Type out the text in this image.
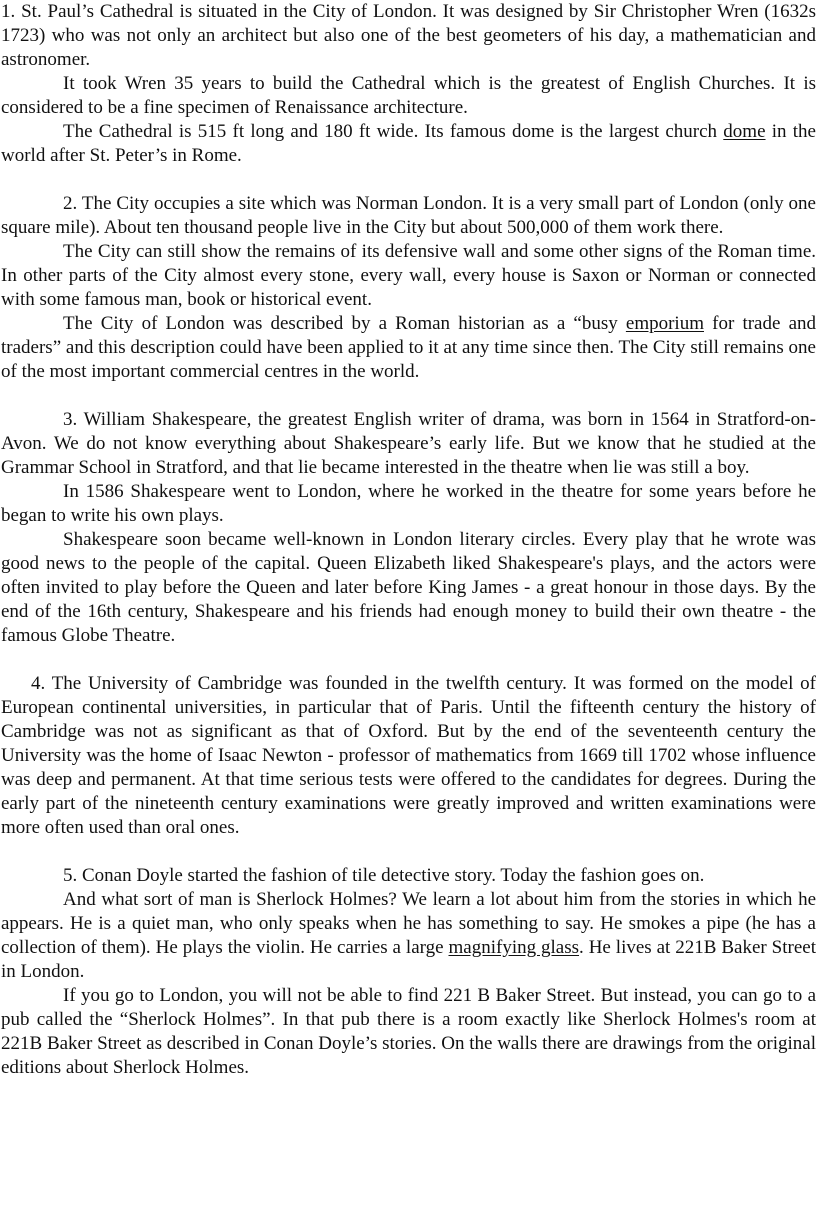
1. St. Paul’s Cathedral is situated in the City of London. It was designed by Sir Christopher Wren (1632s 1723) who was not only an architect but also one of the best geometers of his day, a mathematician and astronomer.

It took Wren 35 years to build the Cathedral which is the greatest of English Churches. It is considered to be a fine specimen of Renaissance architecture.

The Cathedral is 515 ft long and 180 ft wide. Its famous dome is the largest church dome in the world after St. Peter’s in Rome.

2. The City occupies a site which was Norman London. It is a very small part of London (only one square mile). About ten thousand people live in the City but about 500,000 of them work there.

The City can still show the remains of its defensive wall and some other signs of the Roman time. In other parts of the City almost every stone, every wall, every house is Saxon or Norman or connected with some famous man, book or historical event.

The City of London was described by a Roman historian as a “busy emporium for trade and traders” and this description could have been applied to it at any time since then. The City still remains one of the most important commercial centres in the world.

3. William Shakespeare, the greatest English writer of drama, was born in 1564 in Stratford-on-Avon. We do not know everything about Shakespeare’s early life. But we know that he studied at the Grammar School in Stratford, and that lie became interested in the theatre when lie was still a boy.

In 1586 Shakespeare went to London, where he worked in the theatre for some years before he began to write his own plays.

Shakespeare soon became well-known in London literary circles. Every play that he wrote was good news to the people of the capital. Queen Elizabeth liked Shakespeare's plays, and the actors were often invited to play before the Queen and later before King James - a great honour in those days. By the end of the 16th century, Shakespeare and his friends had enough money to build their own theatre - the famous Globe Theatre.

4. The University of Cambridge was founded in the twelfth century. It was formed on the model of European continental universities, in particular that of Paris. Until the fifteenth century the history of Cambridge was not as significant as that of Oxford. But by the end of the seventeenth century the University was the home of Isaac Newton - professor of mathematics from 1669 till 1702 whose influence was deep and permanent. At that time serious tests were offered to the candidates for degrees. During the early part of the nineteenth century examinations were greatly improved and written examinations were more often used than oral ones.

5. Conan Doyle started the fashion of tile detective story. Today the fashion goes on.

And what sort of man is Sherlock Holmes? We learn a lot about him from the stories in which he appears. He is a quiet man, who only speaks when he has something to say. He smokes a pipe (he has a collection of them). He plays the violin. He carries a large magnifying glass. He lives at 221B Baker Street in London.

If you go to London, you will not be able to find 221 B Baker Street. But instead, you can go to a pub called the “Sherlock Holmes”. In that pub there is a room exactly like Sherlock Holmes's room at 221B Baker Street as described in Conan Doyle’s stories. On the walls there are drawings from the original editions about Sherlock Holmes.
